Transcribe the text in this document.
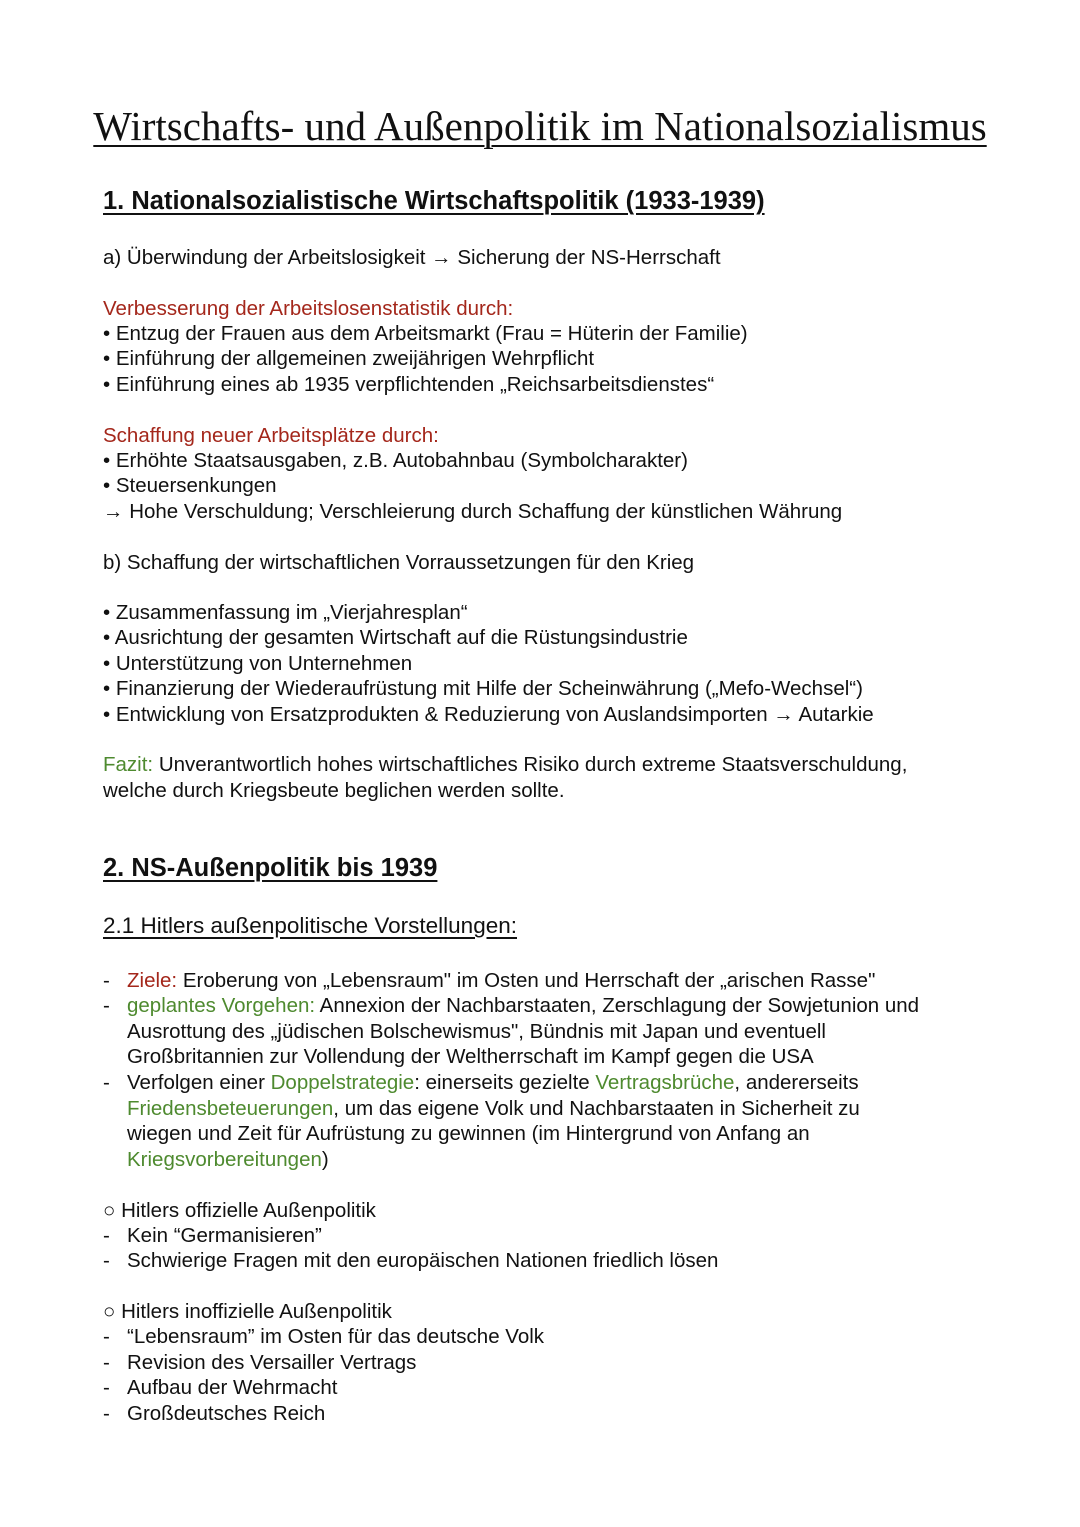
Wirtschafts- und Außenpolitik im Nationalsozialismus
1. Nationalsozialistische Wirtschaftspolitik (1933-1939)
a) Überwindung der Arbeitslosigkeit → Sicherung der NS-Herrschaft
Verbesserung der Arbeitslosenstatistik durch:
• Entzug der Frauen aus dem Arbeitsmarkt (Frau = Hüterin der Familie)
• Einführung der allgemeinen zweijährigen Wehrpflicht
• Einführung eines ab 1935 verpflichtenden „Reichsarbeitsdienstes“
Schaffung neuer Arbeitsplätze durch:
• Erhöhte Staatsausgaben, z.B. Autobahnbau (Symbolcharakter)
• Steuersenkungen
→ Hohe Verschuldung; Verschleierung durch Schaffung der künstlichen Währung
b) Schaffung der wirtschaftlichen Vorraussetzungen für den Krieg
• Zusammenfassung im „Vierjahresplan“
• Ausrichtung der gesamten Wirtschaft auf die Rüstungsindustrie
• Unterstützung von Unternehmen
• Finanzierung der Wiederaufrüstung mit Hilfe der Scheinwährung („Mefo-Wechsel“)
• Entwicklung von Ersatzprodukten & Reduzierung von Auslandsimporten → Autarkie
Fazit: Unverantwortlich hohes wirtschaftliches Risiko durch extreme Staatsverschuldung,
welche durch Kriegsbeute beglichen werden sollte.
2. NS-Außenpolitik bis 1939
2.1 Hitlers außenpolitische Vorstellungen:
- Ziele: Eroberung von „Lebensraum" im Osten und Herrschaft der „arischen Rasse"
- geplantes Vorgehen: Annexion der Nachbarstaaten, Zerschlagung der Sowjetunion und
Ausrottung des „jüdischen Bolschewismus", Bündnis mit Japan und eventuell
Großbritannien zur Vollendung der Weltherrschaft im Kampf gegen die USA
- Verfolgen einer Doppelstrategie: einerseits gezielte Vertragsbrüche, andererseits
Friedensbeteuerungen, um das eigene Volk und Nachbarstaaten in Sicherheit zu
wiegen und Zeit für Aufrüstung zu gewinnen (im Hintergrund von Anfang an
Kriegsvorbereitungen)
○ Hitlers offizielle Außenpolitik
- Kein “Germanisieren”
- Schwierige Fragen mit den europäischen Nationen friedlich lösen
○ Hitlers inoffizielle Außenpolitik
- “Lebensraum” im Osten für das deutsche Volk
- Revision des Versailler Vertrags
- Aufbau der Wehrmacht
- Großdeutsches Reich
